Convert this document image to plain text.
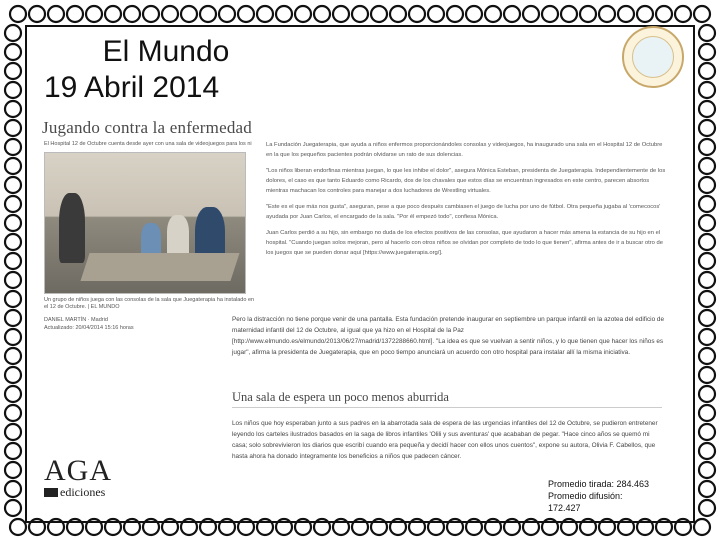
El Mundo
19 Abril 2014
Jugando contra la enfermedad
El Hospital 12 de Octubre cuenta desde ayer con una sala de videojuegos para los ni
Un grupo de niños juega con las consolas de la sala que Juegaterapia ha instalado en el 12 de Octubre. | EL MUNDO
DANIEL MARTÍN · Madrid
Actualizado: 20/04/2014 15:16 horas

La Fundación Juegaterapia, que ayuda a niños enfermos proporcionándoles consolas y videojuegos, ha inaugurado una sala en el Hospital 12 de Octubre en la que los pequeños pacientes podrán olvidarse un rato de sus dolencias.

"Los niños liberan endorfinas mientras juegan, lo que les inhibe el dolor", asegura Mónica Esteban, presidenta de Juegaterapia. Independientemente de los dolores, el caso es que tanto Eduardo como Ricardo, dos de los chavales que estos días se encuentran ingresados en este centro, parecen absortos mientras machacan los controles para manejar a dos luchadores de Wrestling virtuales.

"Este es el que más nos gusta", aseguran, pese a que poco después cambiasen el juego de lucha por uno de fútbol. Otra pequeña jugaba al 'comecocos' ayudada por Juan Carlos, el encargado de la sala. "Por él empezó todo", confiesa Mónica.

Juan Carlos perdió a su hijo, sin embargo no duda de los efectos positivos de las consolas, que ayudaron a hacer más amena la estancia de su hijo en el hospital. "Cuando juegan solos mejoran, pero al hacerlo con otros niños se olvidan por completo de todo lo que tienen", afirma antes de ir a buscar otro de los juegos que se pueden donar aquí [https://www.juegaterapia.org/].

Pero la distracción no tiene porque venir de una pantalla. Esta fundación pretende inaugurar en septiembre un parque infantil en la azotea del edificio de maternidad infantil del 12 de Octubre, al igual que ya hizo en el Hospital de la Paz [http://www.elmundo.es/elmundo/2013/06/27/madrid/1372288660.html]. "La idea es que se vuelvan a sentir niños, y lo que tienen que hacer los niños es jugar", afirma la presidenta de Juegaterapia, que en poco tiempo anunciará un acuerdo con otro hospital para instalar allí la misma iniciativa.
Una sala de espera un poco menos aburrida
Los niños que hoy esperaban junto a sus padres en la abarrotada sala de espera de las urgencias infantiles del 12 de Octubre, se pudieron entretener leyendo los carteles ilustrados basados en la saga de libros infantiles 'Olili y sus aventuras' que acababan de pegar. "Hace cinco años se quemó mi casa; solo sobrevivieron los diarios que escribí cuando era pequeña y decidí hacer con ellos unos cuentos", expone su autora, Olivia F. Cabellos, que hasta ahora ha donado íntegramente los beneficios a niños que padecen cáncer.
AGA
ediciones
Promedio tirada: 284.463
Promedio difusión:
172.427
